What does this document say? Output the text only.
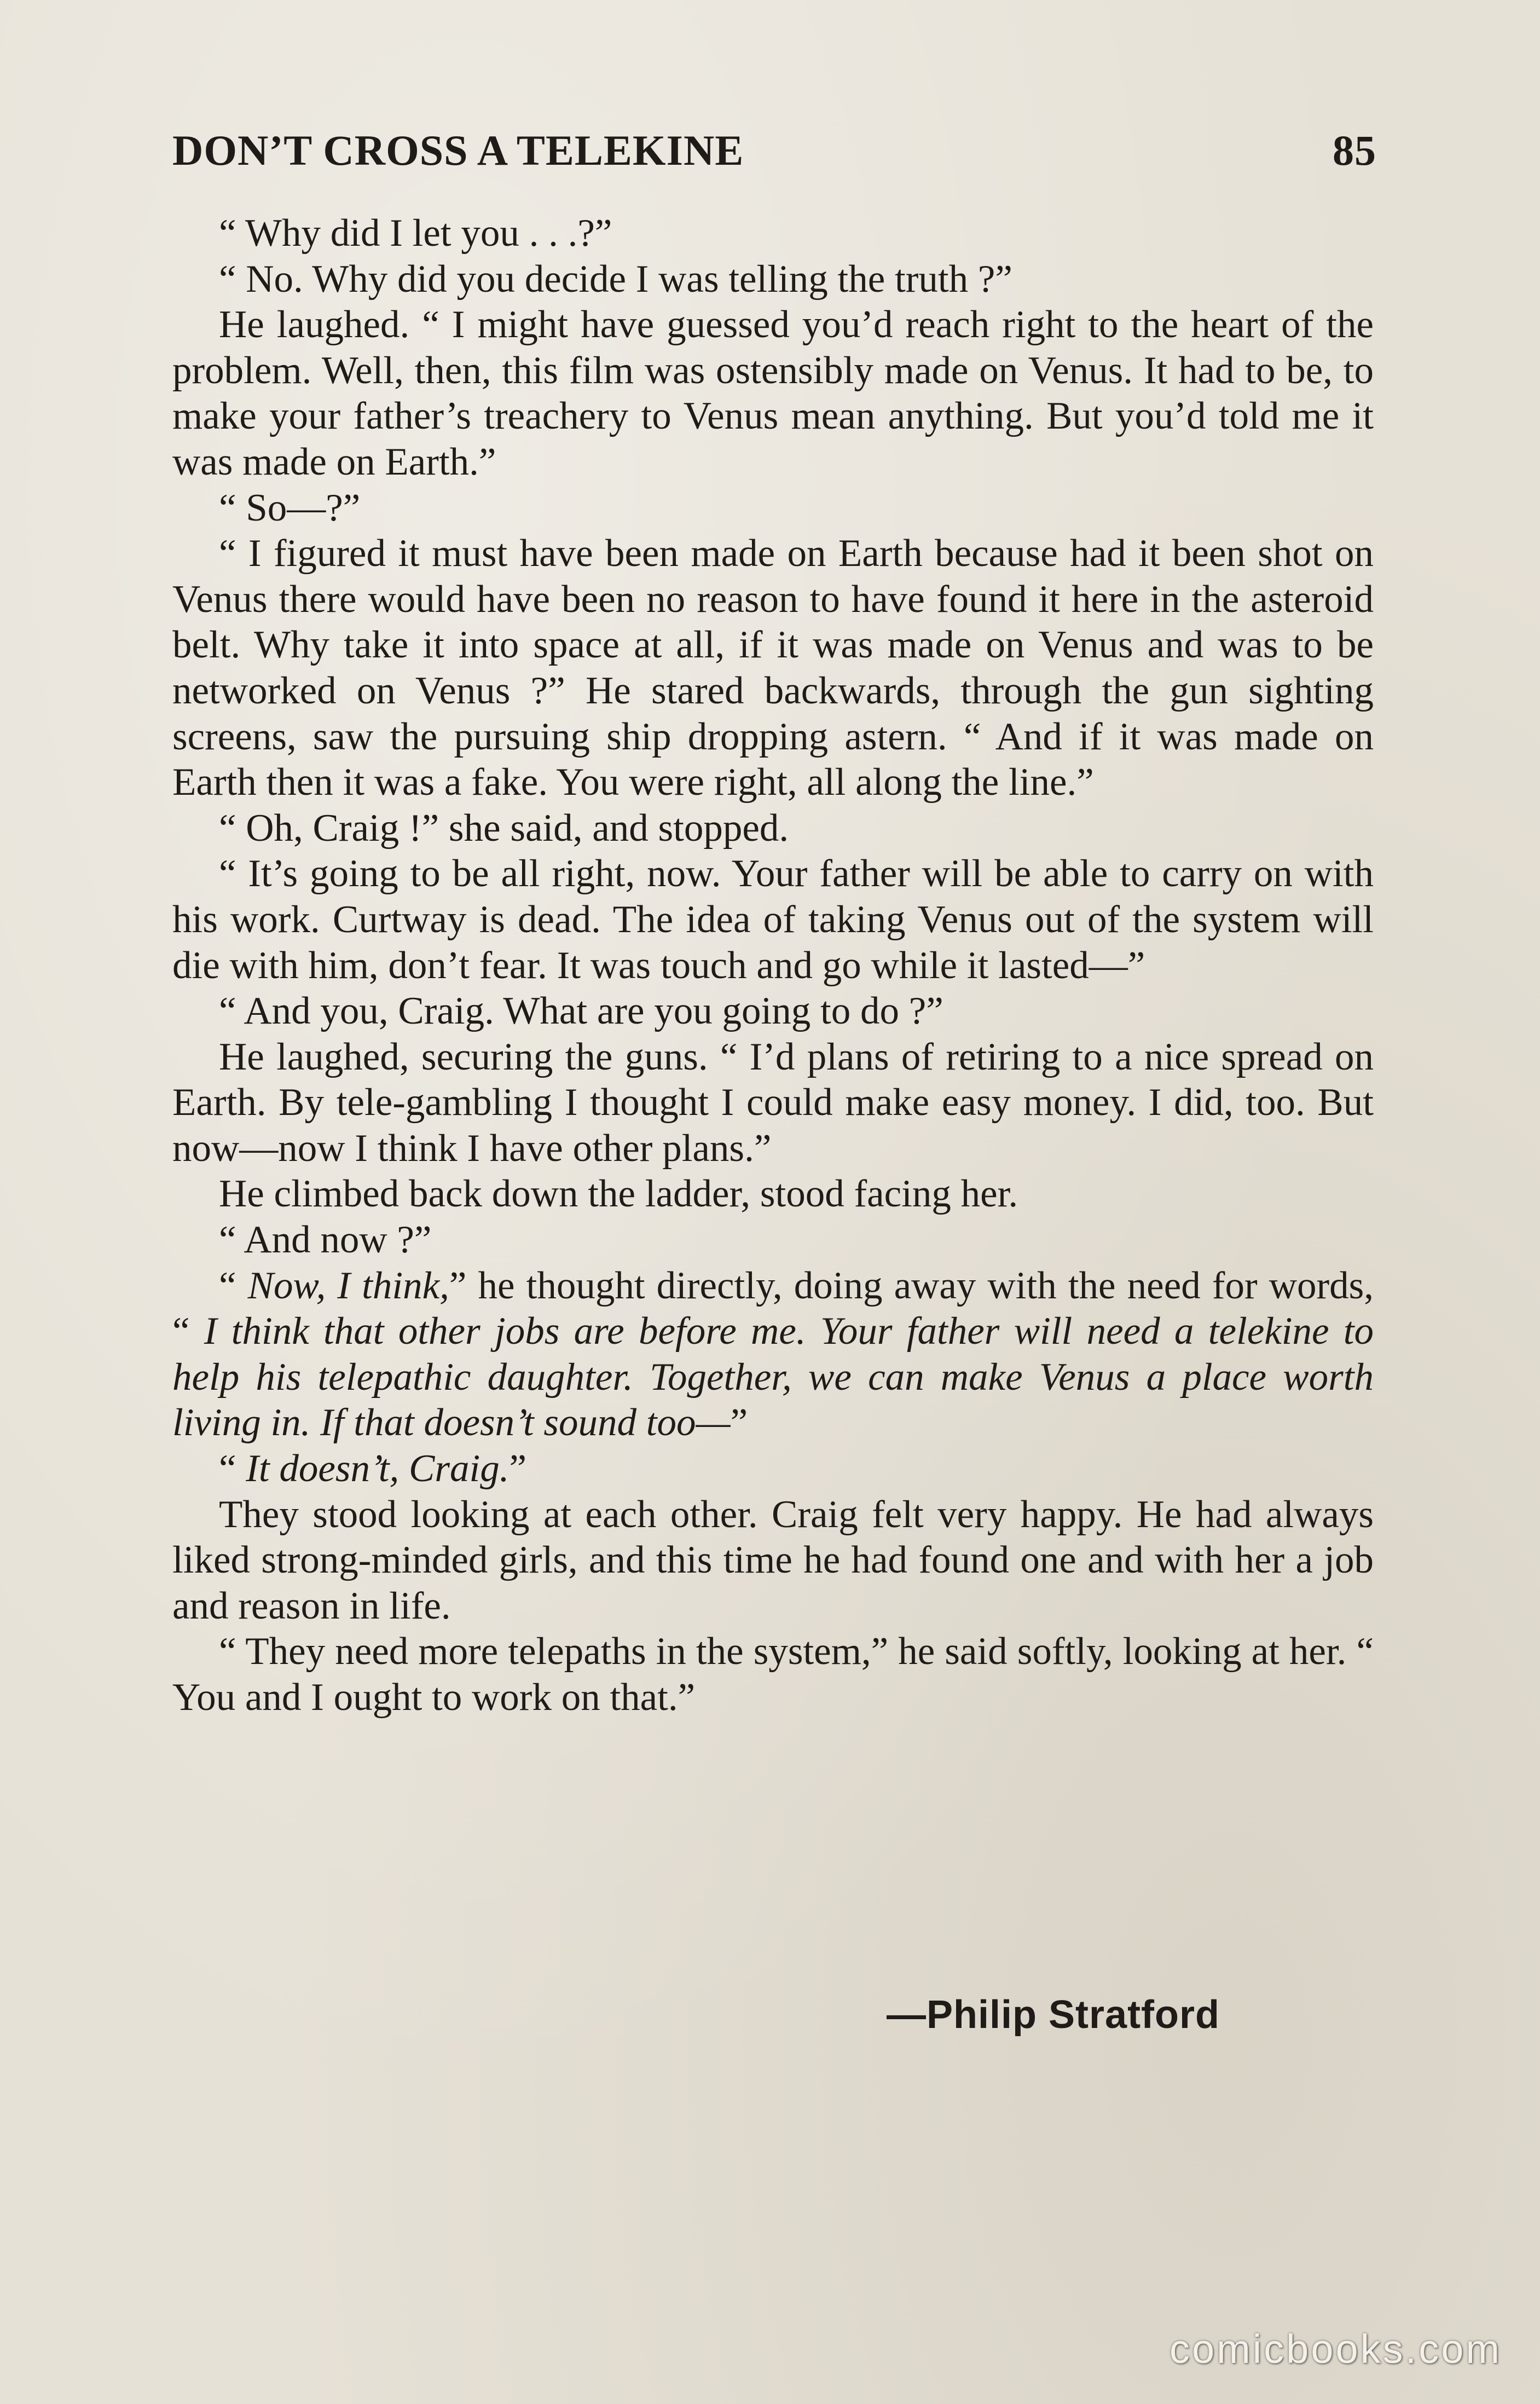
DON’T CROSS A TELEKINE	85

“ Why did I let you . . .?”

“ No. Why did you decide I was telling the truth ?”

He laughed. “ I might have guessed you’d reach right to the heart of the problem. Well, then, this film was ostensibly made on Venus. It had to be, to make your father’s treachery to Venus mean anything. But you’d told me it was made on Earth.”

“ So—?”

“ I figured it must have been made on Earth because had it been shot on Venus there would have been no reason to have found it here in the asteroid belt. Why take it into space at all, if it was made on Venus and was to be networked on Venus ?” He stared backwards, through the gun sighting screens, saw the pursuing ship dropping astern. “ And if it was made on Earth then it was a fake. You were right, all along the line.”

“ Oh, Craig !” she said, and stopped.

“ It’s going to be all right, now. Your father will be able to carry on with his work. Curtway is dead. The idea of taking Venus out of the system will die with him, don’t fear. It was touch and go while it lasted—”

“ And you, Craig. What are you going to do ?”

He laughed, securing the guns. “ I’d plans of retiring to a nice spread on Earth. By tele-gambling I thought I could make easy money. I did, too. But now—now I think I have other plans.”

He climbed back down the ladder, stood facing her.

“ And now ?”

“ Now, I think,” he thought directly, doing away with the need for words, “ I think that other jobs are before me. Your father will need a telekine to help his telepathic daughter. Together, we can make Venus a place worth living in. If that doesn’t sound too—”

“ It doesn’t, Craig.”

They stood looking at each other. Craig felt very happy. He had always liked strong-minded girls, and this time he had found one and with her a job and reason in life.

“ They need more telepaths in the system,” he said softly, looking at her. “ You and I ought to work on that.”

—Philip Stratford
comicbooks.com
